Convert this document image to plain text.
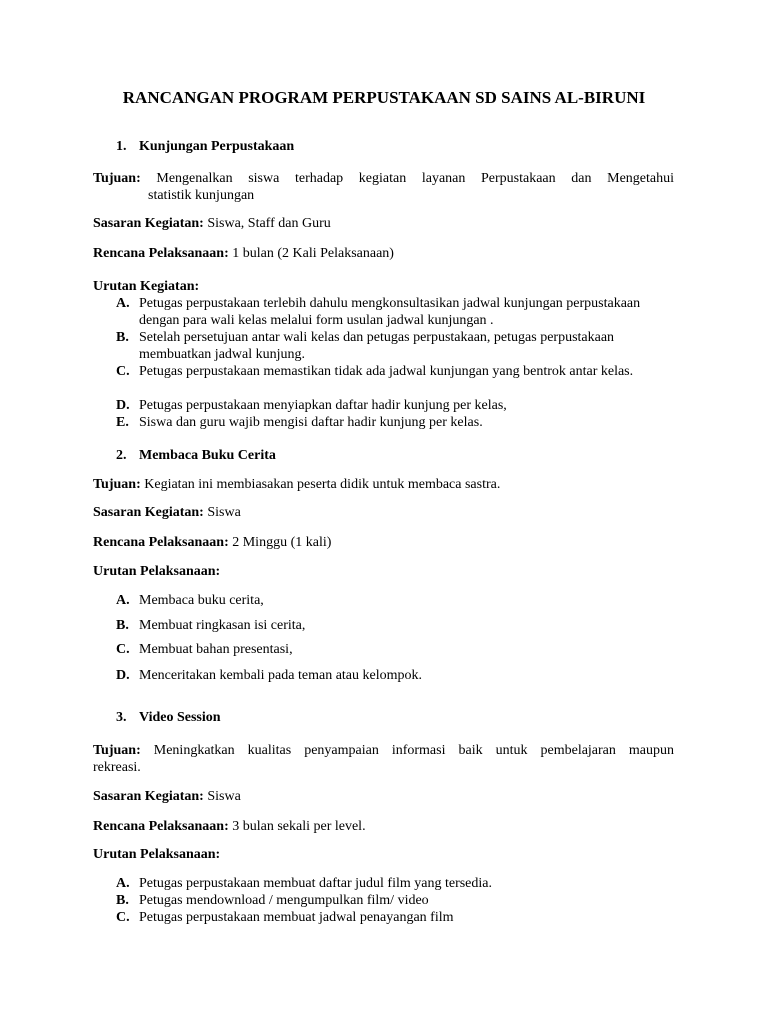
RANCANGAN PROGRAM PERPUSTAKAAN SD SAINS AL-BIRUNI
1. Kunjungan Perpustakaan
Tujuan: Mengenalkan siswa terhadap kegiatan layanan Perpustakaan dan Mengetahui
statistik kunjungan
Sasaran Kegiatan: Siswa, Staff dan Guru
Rencana Pelaksanaan: 1 bulan (2 Kali Pelaksanaan)
Urutan Kegiatan:
A. Petugas perpustakaan terlebih dahulu mengkonsultasikan jadwal kunjungan perpustakaan dengan para wali kelas melalui form usulan jadwal kunjungan .
B. Setelah persetujuan antar wali kelas dan petugas perpustakaan, petugas perpustakaan membuatkan jadwal kunjung.
C. Petugas perpustakaan memastikan tidak ada jadwal kunjungan yang bentrok antar kelas.
D. Petugas perpustakaan menyiapkan daftar hadir kunjung per kelas,
E. Siswa dan guru wajib mengisi daftar hadir kunjung per kelas.
2. Membaca Buku Cerita
Tujuan: Kegiatan ini membiasakan peserta didik untuk membaca sastra.
Sasaran Kegiatan: Siswa
Rencana Pelaksanaan: 2 Minggu (1 kali)
Urutan Pelaksanaan:
A. Membaca buku cerita,
B. Membuat ringkasan isi cerita,
C. Membuat bahan presentasi,
D. Menceritakan kembali pada teman atau kelompok.
3. Video Session
Tujuan: Meningkatkan kualitas penyampaian informasi baik untuk pembelajaran maupun
rekreasi.
Sasaran Kegiatan: Siswa
Rencana Pelaksanaan: 3 bulan sekali per level.
Urutan Pelaksanaan:
A. Petugas perpustakaan membuat daftar judul film yang tersedia.
B. Petugas mendownload / mengumpulkan film/ video
C. Petugas perpustakaan membuat jadwal penayangan film
